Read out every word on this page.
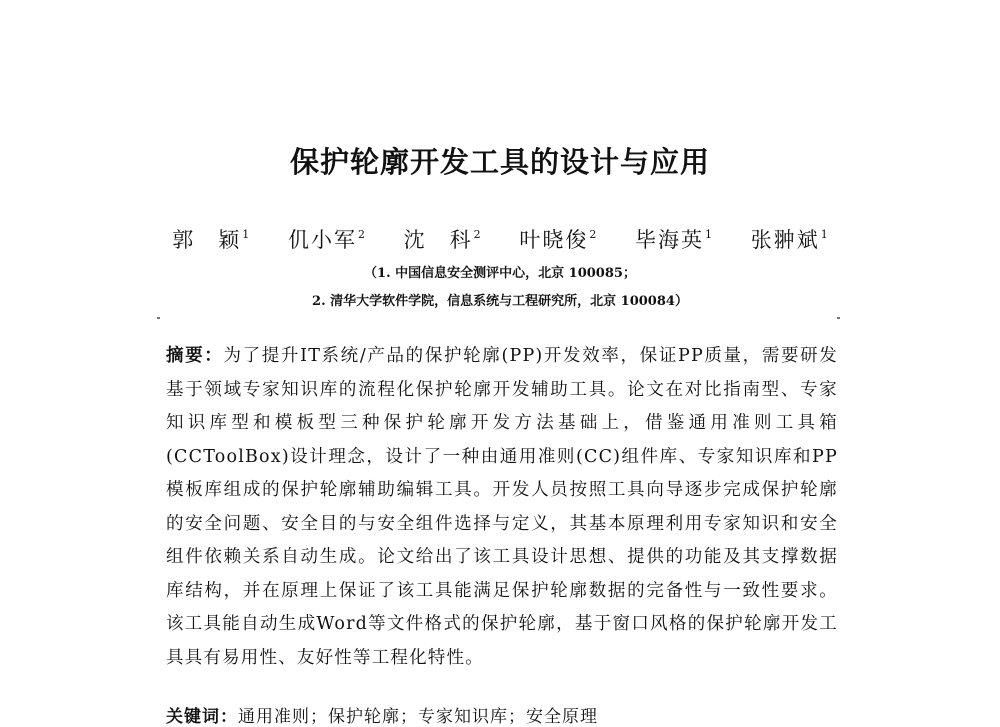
保护轮廓开发工具的设计与应用
郭　颖$^1$ 仉小军$^2$ 沈　科$^2$ 叶晓俊$^2$ 毕海英$^1$ 张翀斌$^1$
（1. 中国信息安全测评中心，北京 100085；
2. 清华大学软件学院，信息系统与工程研究所，北京 100084）
摘要：为了提升IT系统/产品的保护轮廓(PP)开发效率，保证PP质量，需要研发基于领域专家知识库的流程化保护轮廓开发辅助工具。论文在对比指南型、专家知识库型和模板型三种保护轮廓开发方法基础上，借鉴通用准则工具箱(CCToolBox)设计理念，设计了一种由通用准则(CC)组件库、专家知识库和PP模板库组成的保护轮廓辅助编辑工具。开发人员按照工具向导逐步完成保护轮廓的安全问题、安全目的与安全组件选择与定义，其基本原理利用专家知识和安全组件依赖关系自动生成。论文给出了该工具设计思想、提供的功能及其支撑数据库结构，并在原理上保证了该工具能满足保护轮廓数据的完备性与一致性要求。该工具能自动生成Word等文件格式的保护轮廓，基于窗口风格的保护轮廓开发工具具有易用性、友好性等工程化特性。
关键词：通用准则；保护轮廓；专家知识库；安全原理
